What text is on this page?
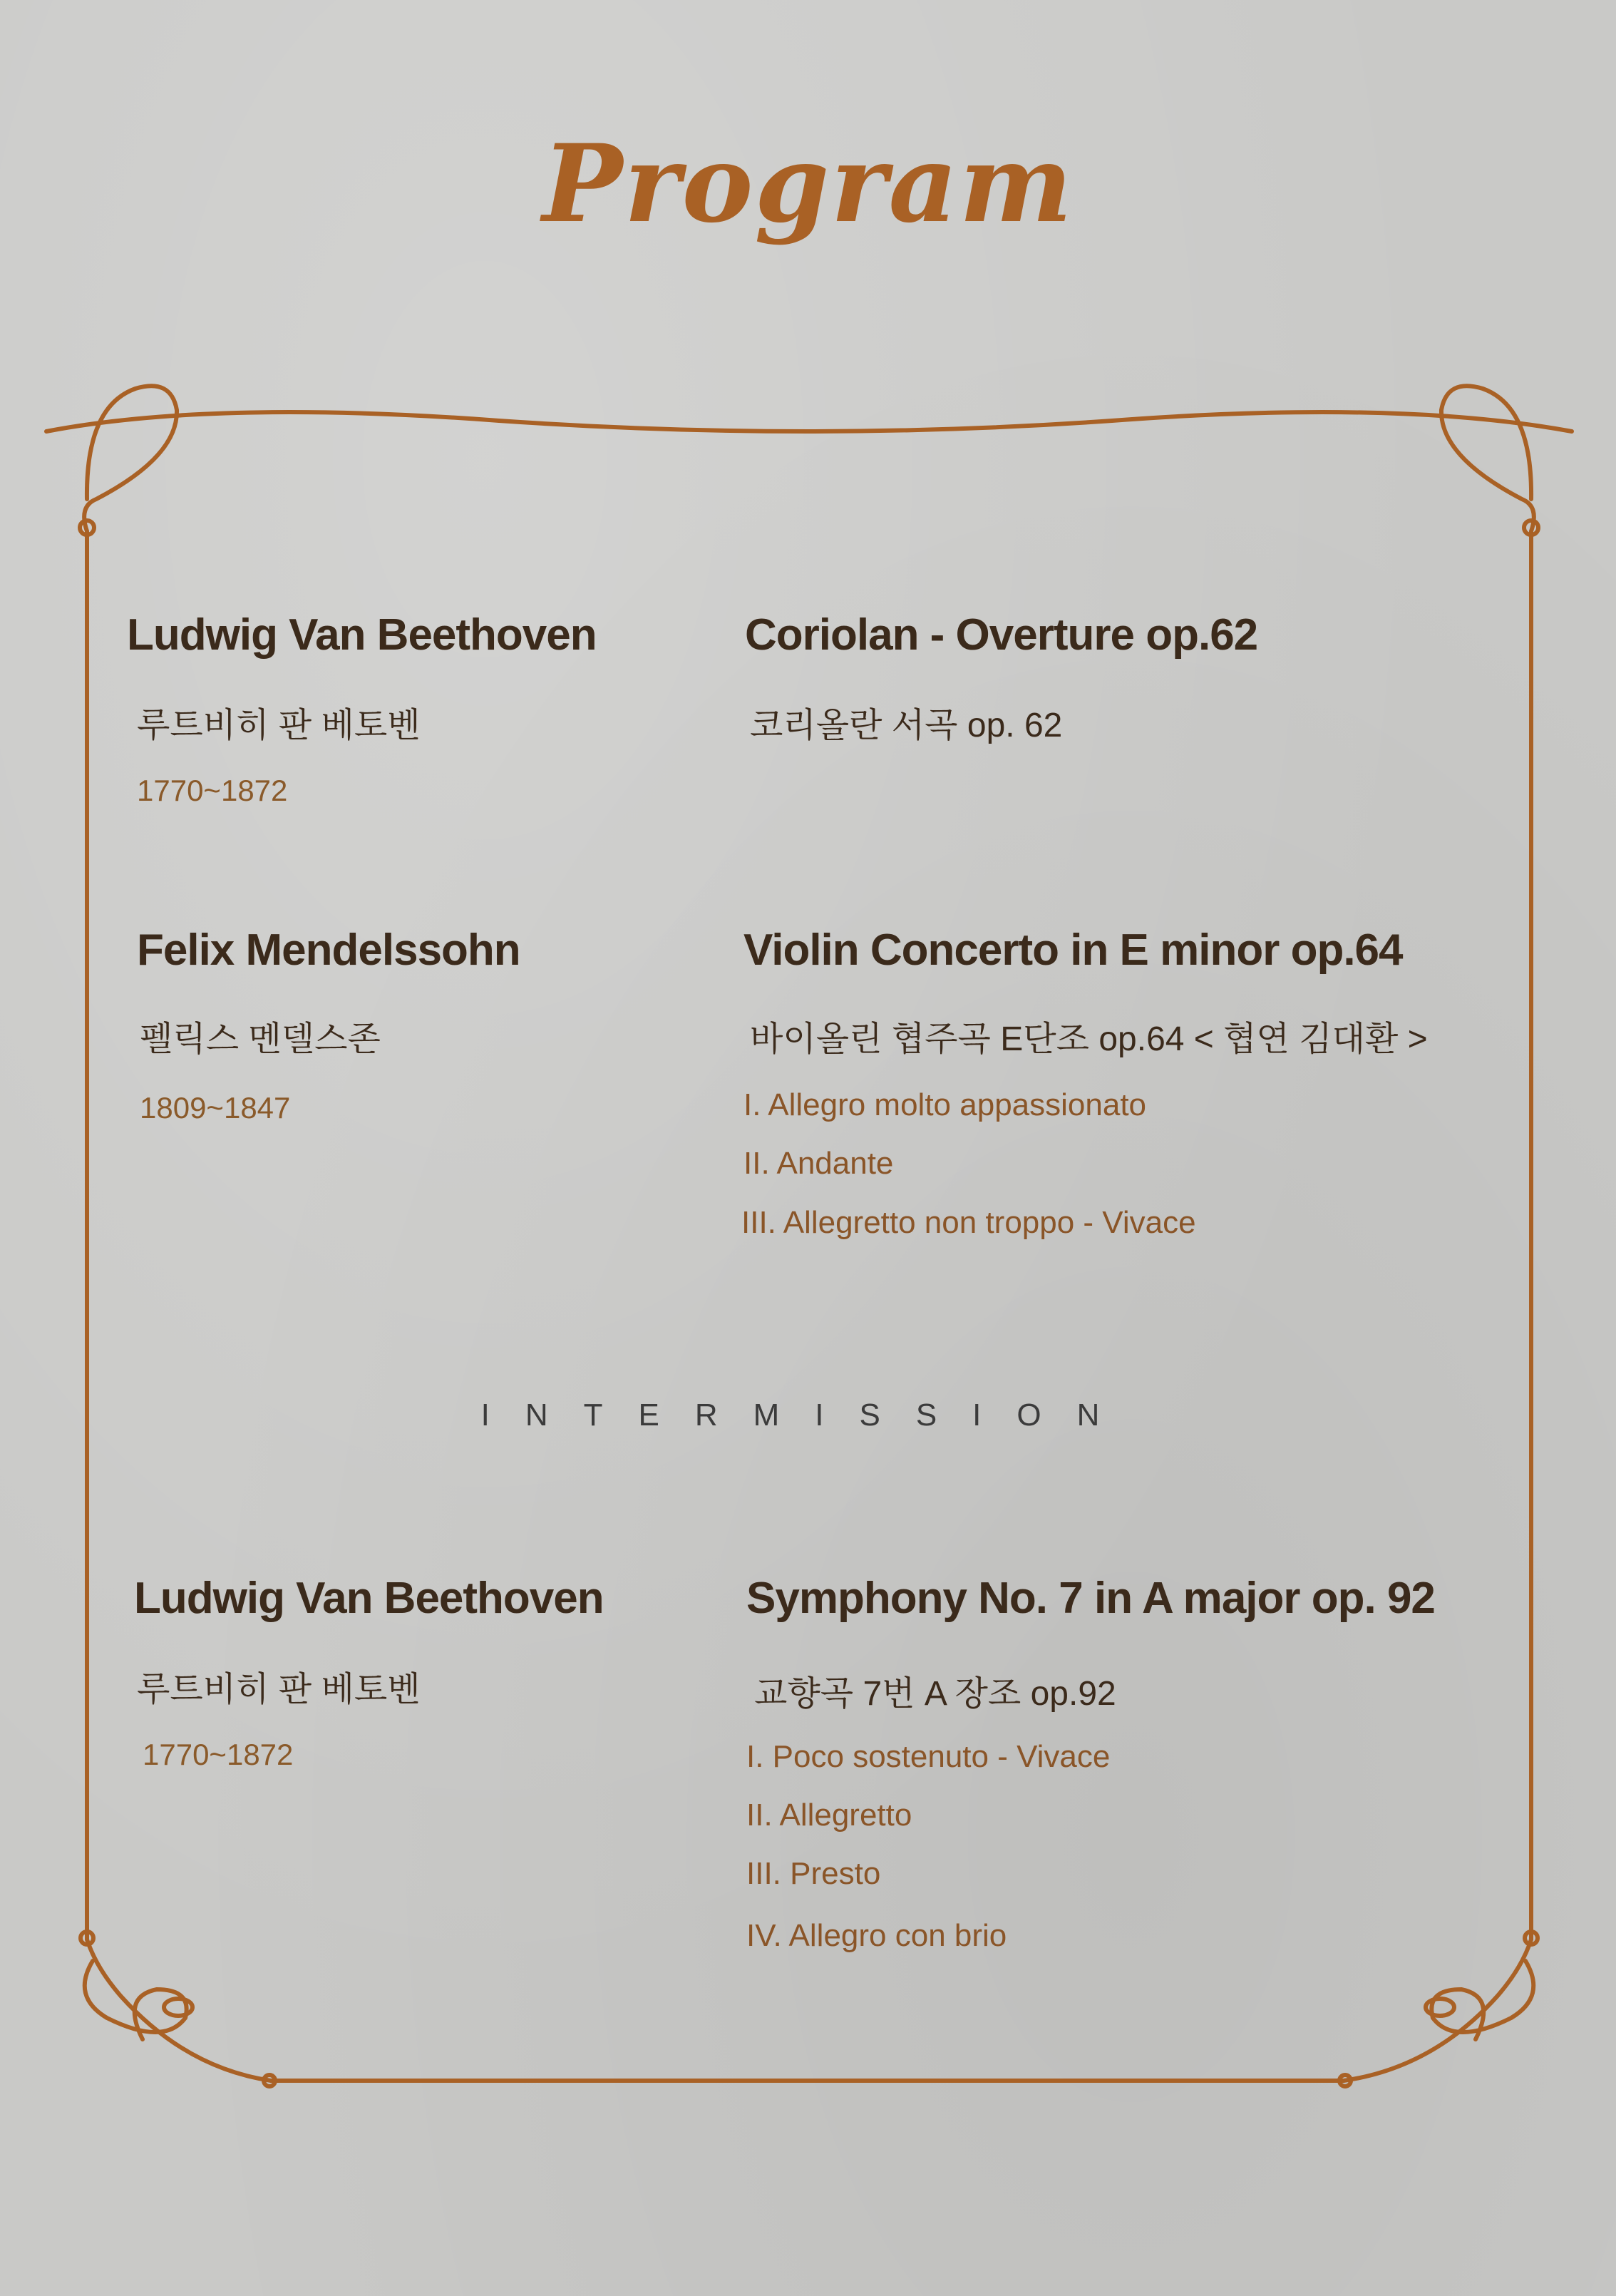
Program
Ludwig Van Beethoven
루트비히 판 베토벤
1770~1872
Coriolan - Overture op.62
코리올란 서곡 op. 62
Felix Mendelssohn
펠릭스 멘델스존
1809~1847
Violin Concerto in E minor op.64
바이올린 협주곡 E단조 op.64 < 협연 김대환 >
I. Allegro molto appassionato
II. Andante
III. Allegretto non troppo - Vivace
INTERMISSION
Ludwig Van Beethoven
루트비히 판 베토벤
1770~1872
Symphony No. 7 in A major op. 92
교향곡 7번 A 장조 op.92
I. Poco sostenuto - Vivace
II. Allegretto
III. Presto
IV. Allegro con brio
